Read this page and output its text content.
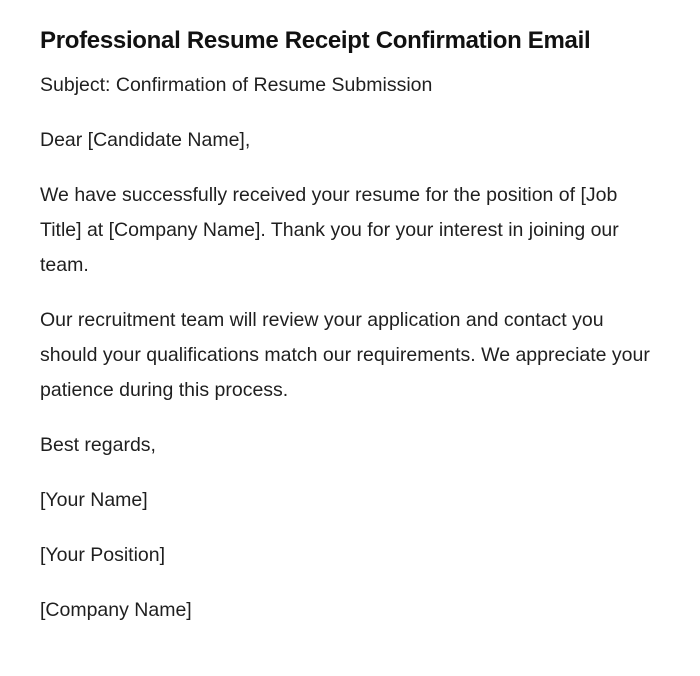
Professional Resume Receipt Confirmation Email

Subject: Confirmation of Resume Submission

Dear [Candidate Name],

We have successfully received your resume for the position of [Job Title] at [Company Name]. Thank you for your interest in joining our team.

Our recruitment team will review your application and contact you should your qualifications match our requirements. We appreciate your patience during this process.

Best regards,

[Your Name]

[Your Position]

[Company Name]
